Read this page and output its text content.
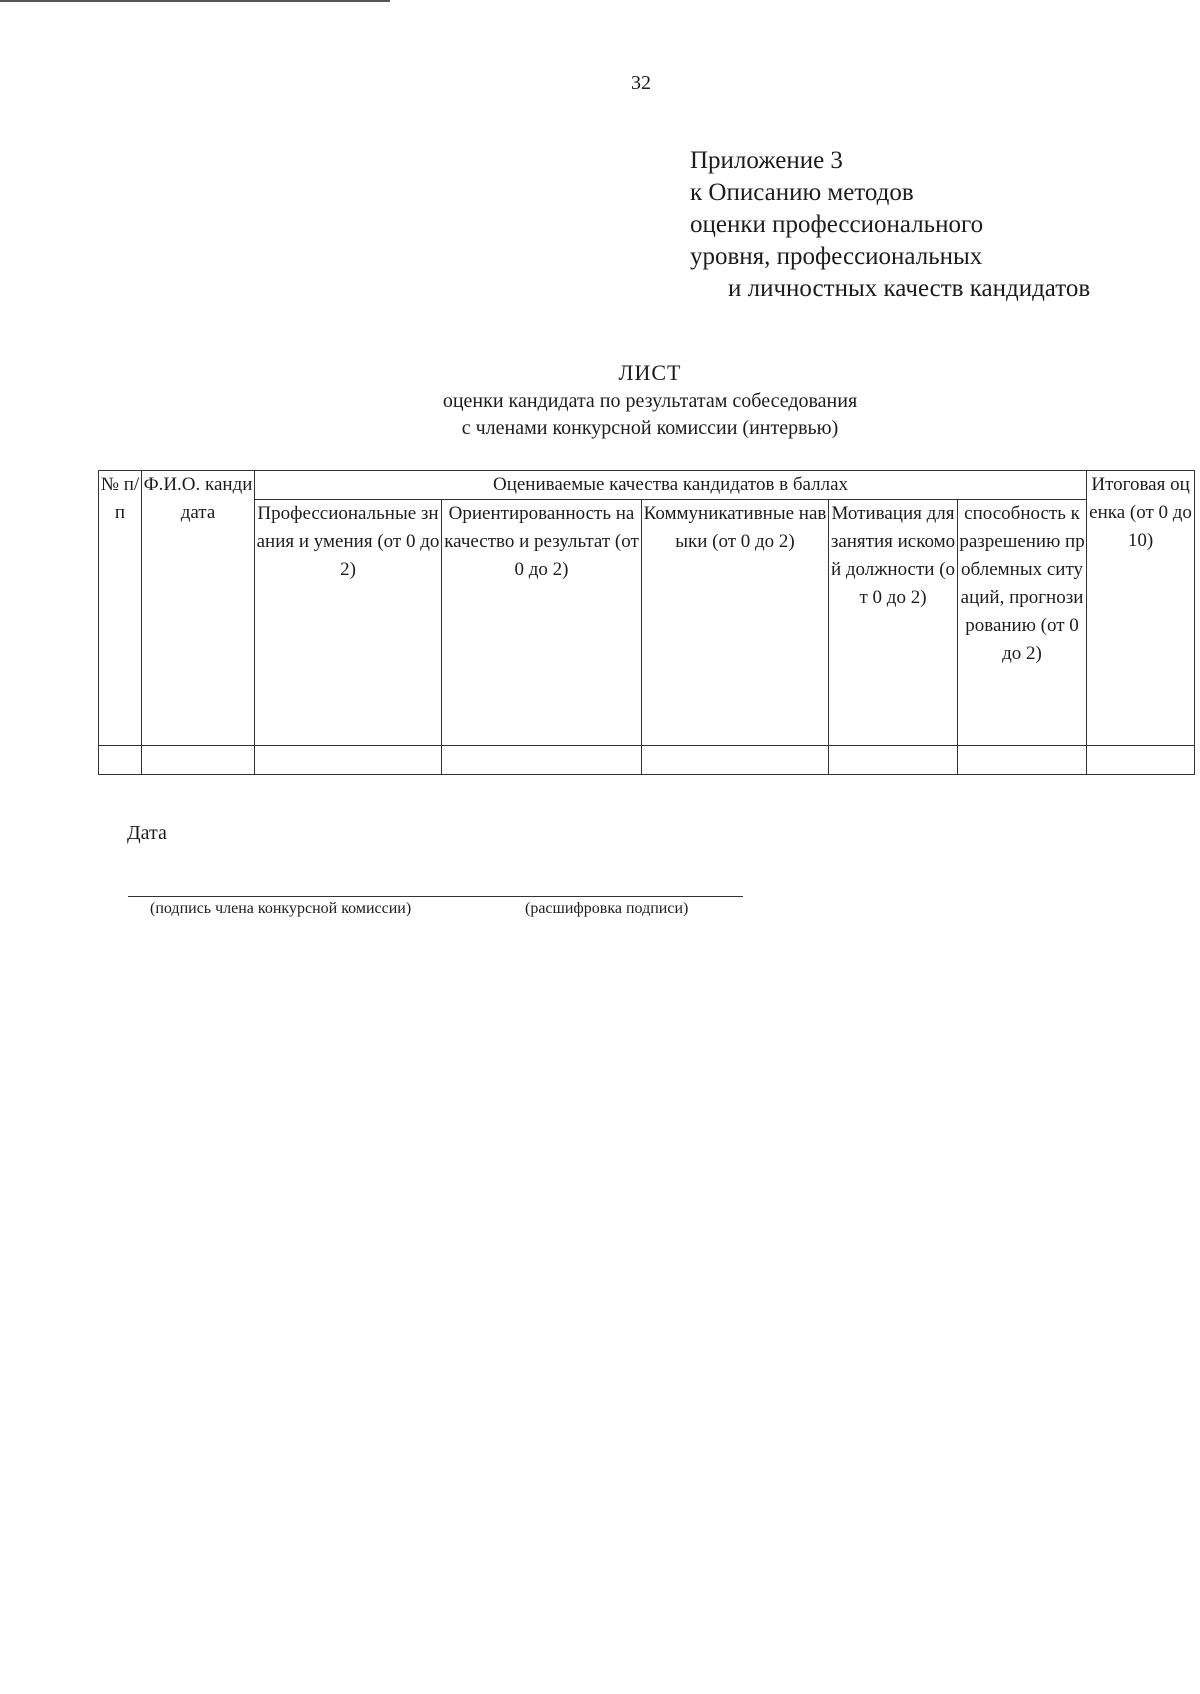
32
Приложение 3
к Описанию методов
оценки профессионального
уровня, профессиональных
и личностных качеств кандидатов
ЛИСТ
оценки кандидата по результатам собеседования
с членами конкурсной комиссии (интервью)
№ п/п	Ф.И.О. кандидата	Оцениваемые качества кандидатов в баллах					Итоговая оценка (от 0 до 10)
		Профессиональные знания и умения (от 0 до 2)	Ориентированность на качество и результат (от 0 до 2)	Коммуникативные навыки (от 0 до 2)	Мотивация для занятия искомой должности (от 0 до 2)	способность к разрешению проблемных ситуаций, прогнозированию (от 0 до 2)	

Дата
(подпись члена конкурсной комиссии)	(расшифровка подписи)
